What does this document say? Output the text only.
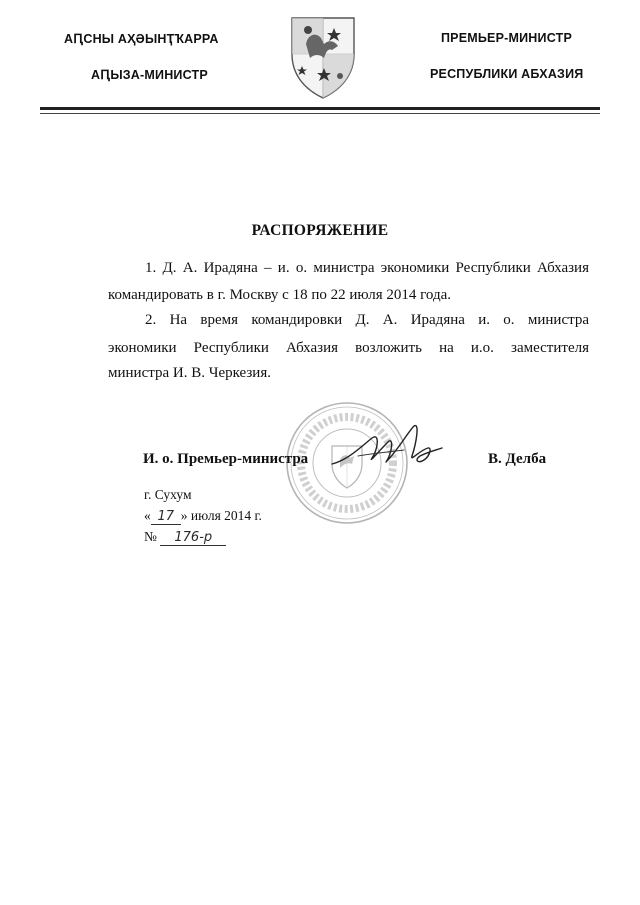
АԤСНЫ АҲӘЫНҬҠАРРА
АԤЫЗА-МИНИСТР
ПРЕМЬЕР-МИНИСТР
РЕСПУБЛИКИ АБХАЗИЯ
РАСПОРЯЖЕНИЕ
1. Д. А. Ирадяна – и. о. министра экономики Республики Абхазия
командировать в г. Москву с 18 по 22 июля 2014 года.
2. На время командировки Д. А. Ирадяна и. о. министра
экономики Республики Абхазия возложить на и.о. заместителя
министра И. В. Черкезия.
И. о. Премьер-министра	В. Делба
г. Сухум
« 17 » июля 2014 г.
№ 176-р
